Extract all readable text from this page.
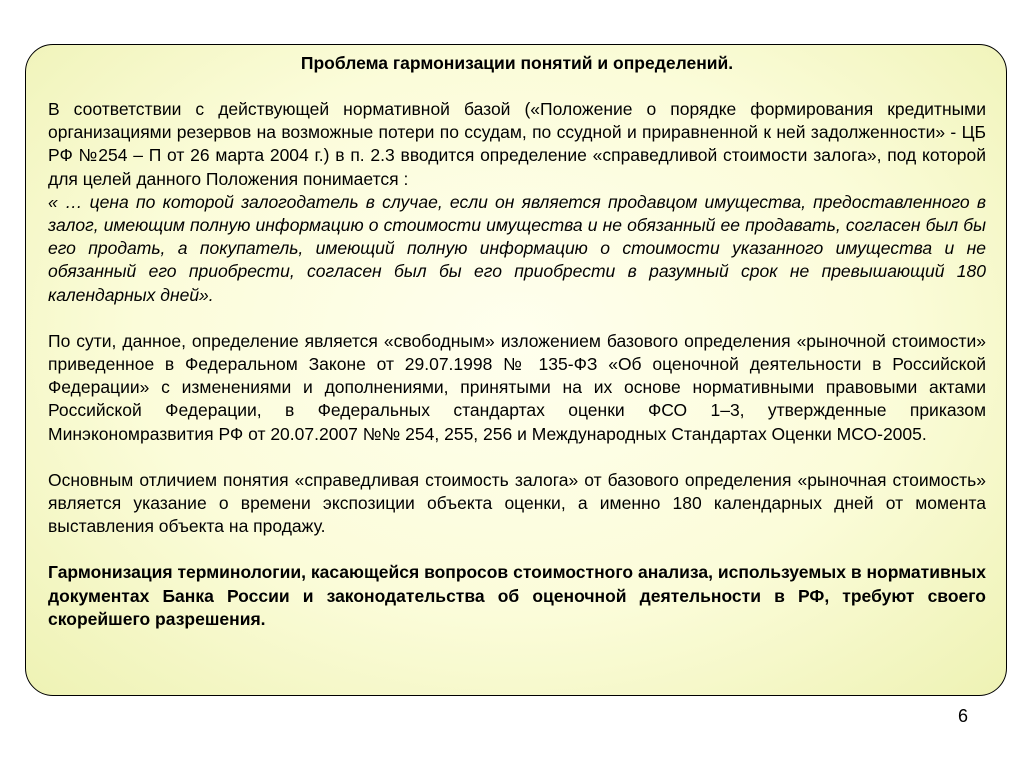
Проблема гармонизации понятий и определений.

В соответствии с действующей нормативной базой («Положение о порядке формирования кредитными организациями резервов на возможные потери по ссудам, по ссудной и приравненной к ней задолженности» - ЦБ РФ №254 – П от 26 марта 2004 г.) в п. 2.3 вводится определение «справедливой стоимости залога», под которой для целей данного Положения понимается :

« … цена по которой залогодатель в случае, если он является продавцом имущества, предоставленного в залог, имеющим полную информацию о стоимости имущества и не обязанный ее продавать, согласен был бы его продать, а покупатель, имеющий полную информацию о стоимости указанного имущества и не обязанный его приобрести, согласен был бы его приобрести в разумный срок не превышающий 180 календарных дней».

По сути, данное, определение является «свободным» изложением базового определения «рыночной стоимости» приведенное в Федеральном Законе от 29.07.1998 № 135-ФЗ «Об оценочной деятельности в Российской Федерации» с изменениями и дополнениями, принятыми на их основе нормативными правовыми актами Российской Федерации, в Федеральных стандартах оценки ФСО 1–3, утвержденные приказом Минэкономразвития РФ от 20.07.2007 №№ 254, 255, 256 и Международных Стандартах Оценки МСО-2005.

Основным отличием понятия «справедливая стоимость залога» от базового определения «рыночная стоимость» является указание о времени экспозиции объекта оценки, а именно 180 календарных дней от момента выставления объекта на продажу.

Гармонизация терминологии, касающейся вопросов стоимостного анализа, используемых в нормативных документах Банка России и законодательства об оценочной деятельности в РФ, требуют своего скорейшего разрешения.

6
